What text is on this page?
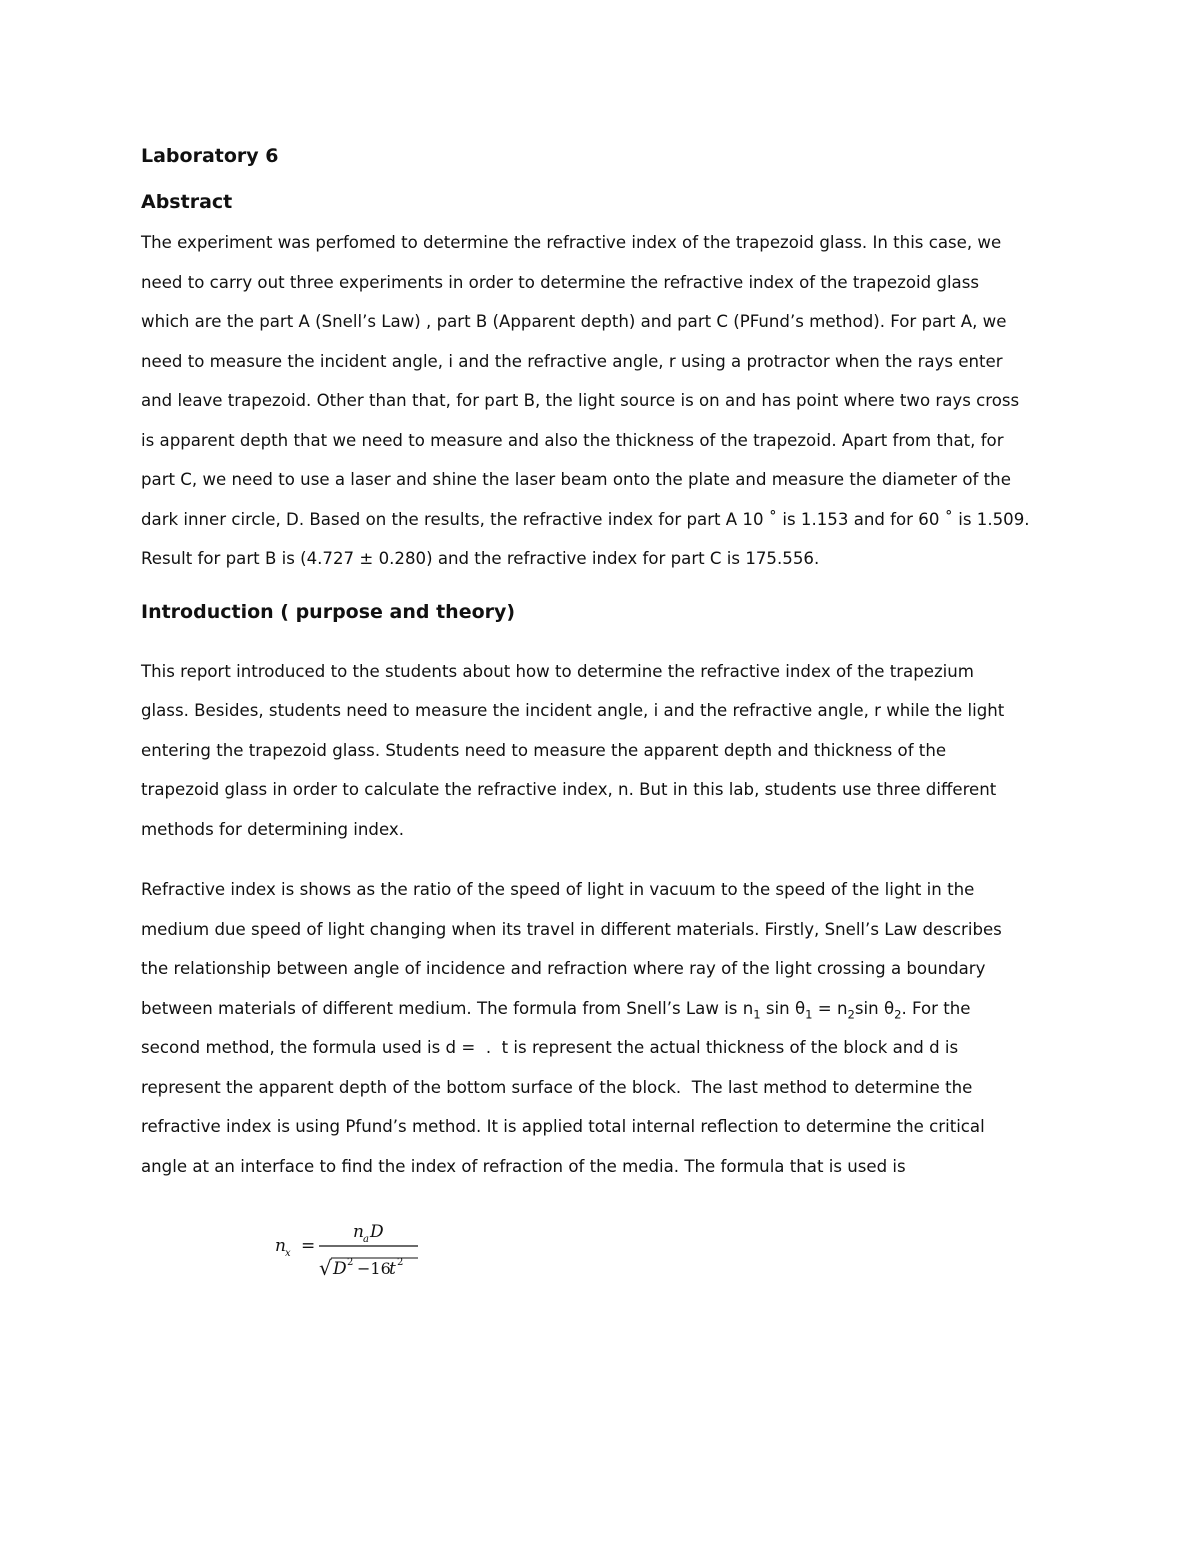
Laboratory 6
Abstract

The experiment was perfomed to determine the refractive index of the trapezoid glass. In this case, we
need to carry out three experiments in order to determine the refractive index of the trapezoid glass
which are the part A (Snell’s Law) , part B (Apparent depth) and part C (PFund’s method). For part A, we
need to measure the incident angle, i and the refractive angle, r using a protractor when the rays enter
and leave trapezoid. Other than that, for part B, the light source is on and has point where two rays cross
is apparent depth that we need to measure and also the thickness of the trapezoid. Apart from that, for
part C, we need to use a laser and shine the laser beam onto the plate and measure the diameter of the
dark inner circle, D. Based on the results, the refractive index for part A 10 ˚ is 1.153 and for 60 ˚ is 1.509.
Result for part B is (4.727 ± 0.280) and the refractive index for part C is 175.556.

Introduction ( purpose and theory)

This report introduced to the students about how to determine the refractive index of the trapezium
glass. Besides, students need to measure the incident angle, i and the refractive angle, r while the light
entering the trapezoid glass. Students need to measure the apparent depth and thickness of the
trapezoid glass in order to calculate the refractive index, n. But in this lab, students use three different
methods for determining index.

Refractive index is shows as the ratio of the speed of light in vacuum to the speed of the light in the
medium due speed of light changing when its travel in different materials. Firstly, Snell’s Law describes
the relationship between angle of incidence and refraction where ray of the light crossing a boundary
between materials of different medium. The formula from Snell’s Law is $n_1$ $\sin \theta_1 = n_2\sin$ $\theta_2$. For the
second method, the formula used is d =  .  t is represent the actual thickness of the block and d is
represent the apparent depth of the bottom surface of the block.  The last method to determine the
refractive index is using Pfund’s method. It is applied total internal reflection to determine the critical
angle at an interface to find the index of refraction of the media. The formula that is used is

n x =
n a D
√ D 2 −16
t 2
